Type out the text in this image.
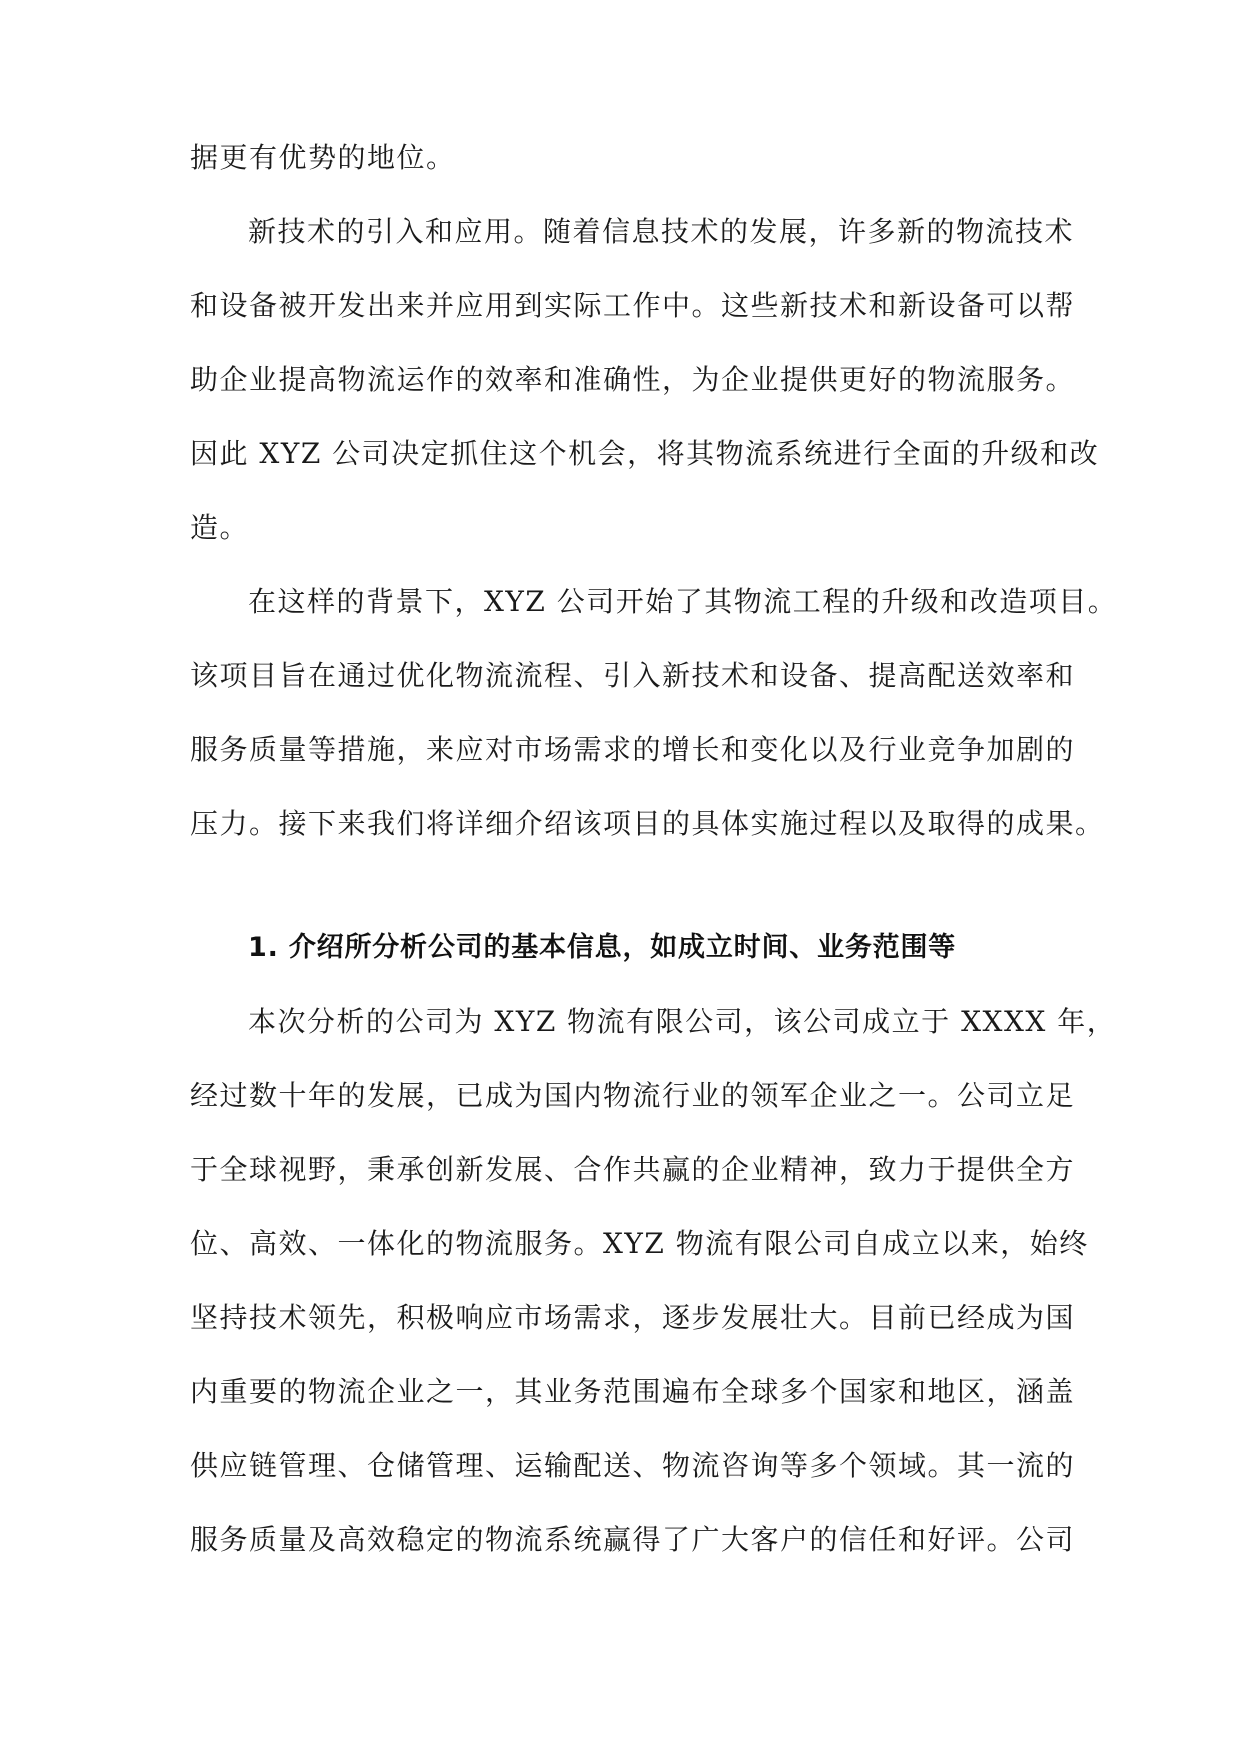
据更有优势的地位。
新技术的引入和应用。随着信息技术的发展，许多新的物流技术
和设备被开发出来并应用到实际工作中。这些新技术和新设备可以帮
助企业提高物流运作的效率和准确性，为企业提供更好的物流服务。
因此 XYZ 公司决定抓住这个机会，将其物流系统进行全面的升级和改
造。
在这样的背景下，XYZ 公司开始了其物流工程的升级和改造项目。
该项目旨在通过优化物流流程、引入新技术和设备、提高配送效率和
服务质量等措施，来应对市场需求的增长和变化以及行业竞争加剧的
压力。接下来我们将详细介绍该项目的具体实施过程以及取得的成果。
1. 介绍所分析公司的基本信息，如成立时间、业务范围等
本次分析的公司为 XYZ 物流有限公司，该公司成立于 XXXX 年，
经过数十年的发展，已成为国内物流行业的领军企业之一。公司立足
于全球视野，秉承创新发展、合作共赢的企业精神，致力于提供全方
位、高效、一体化的物流服务。XYZ 物流有限公司自成立以来，始终
坚持技术领先，积极响应市场需求，逐步发展壮大。目前已经成为国
内重要的物流企业之一，其业务范围遍布全球多个国家和地区，涵盖
供应链管理、仓储管理、运输配送、物流咨询等多个领域。其一流的
服务质量及高效稳定的物流系统赢得了广大客户的信任和好评。公司
